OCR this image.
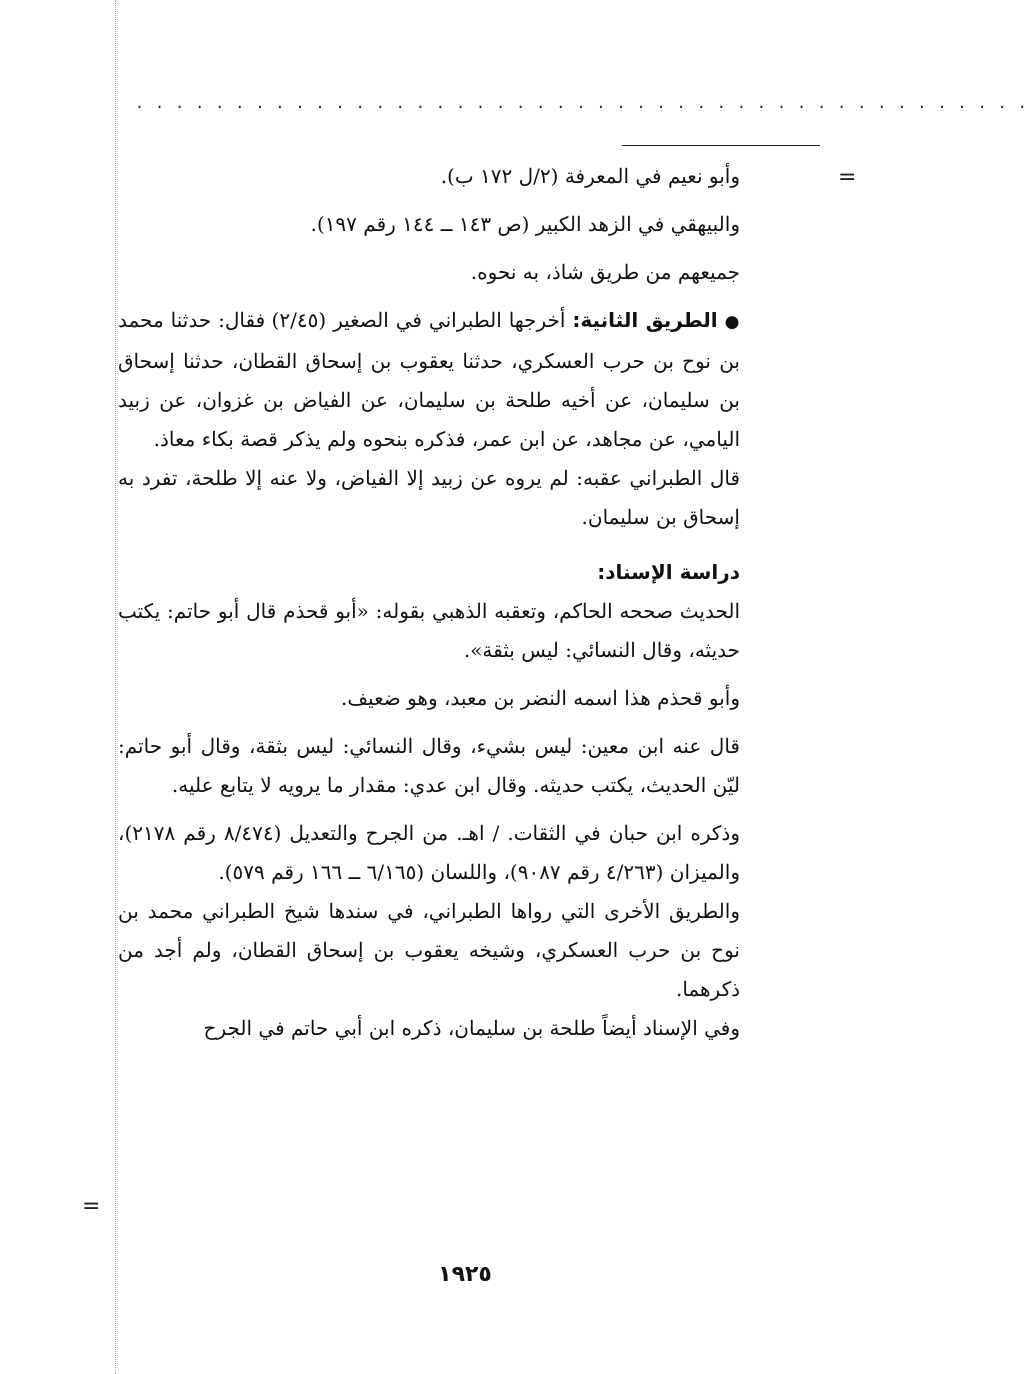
. . . . . . . . . . . . . . . . . . . . . . . . . . . . . . . . . . . . . . . . . . . . .
=
=

وأبو نعيم في المعرفة (٢/ل ١٧٢ ب).

والبيهقي في الزهد الكبير (ص ١٤٣ ــ ١٤٤ رقم ١٩٧).

جميعهم من طريق شاذ، به نحوه.

● الطريق الثانية: أخرجها الطبراني في الصغير (٢/٤٥) فقال: حدثنا محمد بن نوح بن حرب العسكري، حدثنا يعقوب بن إسحاق القطان، حدثنا إسحاق بن سليمان، عن أخيه طلحة بن سليمان، عن الفياض بن غزوان، عن زبيد اليامي، عن مجاهد، عن ابن عمر، فذكره بنحوه ولم يذكر قصة بكاء معاذ.

قال الطبراني عقبه: لم يروه عن زبيد إلا الفياض، ولا عنه إلا طلحة، تفرد به إسحاق بن سليمان.

دراسة الإسناد:

الحديث صححه الحاكم، وتعقبه الذهبي بقوله: «أبو قحذم قال أبو حاتم: يكتب حديثه، وقال النسائي: ليس بثقة».

وأبو قحذم هذا اسمه النضر بن معبد، وهو ضعيف.

قال عنه ابن معين: ليس بشيء، وقال النسائي: ليس بثقة، وقال أبو حاتم: ليّن الحديث، يكتب حديثه. وقال ابن عدي: مقدار ما يرويه لا يتابع عليه.

وذكره ابن حبان في الثقات. / اهـ. من الجرح والتعديل (٨/٤٧٤ رقم ٢١٧٨)، والميزان (٤/٢٦٣ رقم ٩٠٨٧)، واللسان (٦/١٦٥ ــ ١٦٦ رقم ٥٧٩).

والطريق الأخرى التي رواها الطبراني، في سندها شيخ الطبراني محمد بن نوح بن حرب العسكري، وشيخه يعقوب بن إسحاق القطان، ولم أجد من ذكرهما.

وفي الإسناد أيضاً طلحة بن سليمان، ذكره ابن أبي حاتم في الجرح

١٩٢٥
